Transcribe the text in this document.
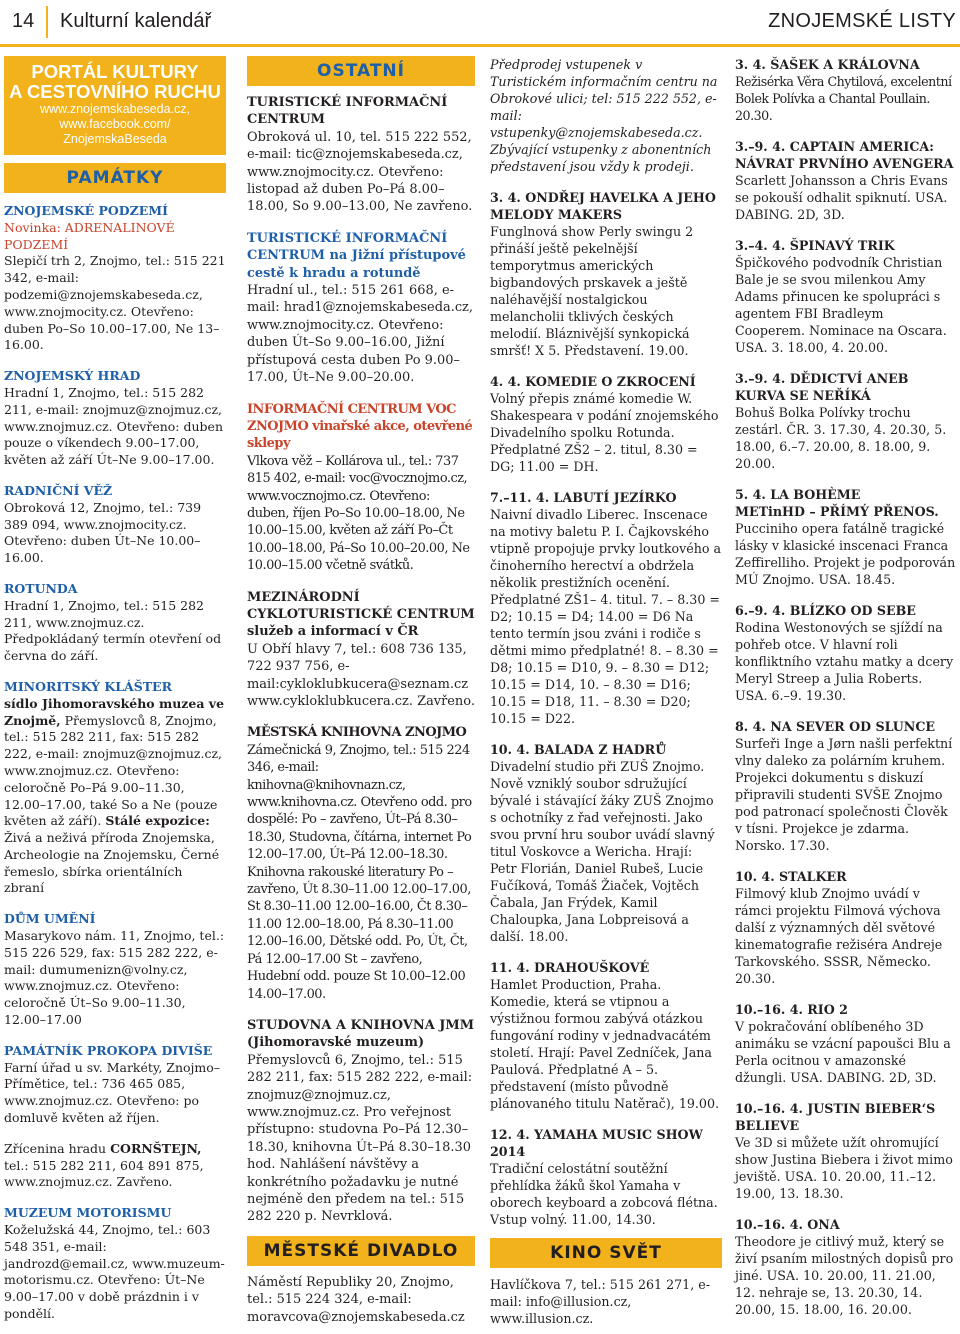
14 Kulturní kalendář	ZNOJEMSKÉ LISTY
PORTÁL KULTURY
A CESTOVNÍHO RUCHU
www.znojemskabeseda.cz,
www.facebook.com/ ZnojemskaBeseda
PAMÁTKY
ZNOJEMSKÉ PODZEMÍ
Novinka: ADRENALINOVÉ PODZEMÍ
Slepičí trh 2, Znojmo, tel.: 515 221 342, e-mail: podzemi@znojemskabeseda.cz, www.znojmocity.cz. Otevřeno: duben Po–So 10.00–17.00, Ne 13–16.00.
ZNOJEMSKÝ HRAD
Hradní 1, Znojmo, tel.: 515 282 211, e-mail: znojmuz@znojmuz.cz, www.znojmuz.cz. Otevřeno: duben pouze o víkendech 9.00–17.00, květen až září Út–Ne 9.00–17.00.
RADNIČNÍ VĚŽ
Obroková 12, Znojmo, tel.: 739 389 094, www.znojmocity.cz. Otevřeno: duben Út–Ne 10.00–16.00.
ROTUNDA
Hradní 1, Znojmo, tel.: 515 282 211, www.znojmuz.cz. Předpokládaný termín otevření od června do září.
MINORITSKÝ KLÁŠTER
sídlo Jihomoravského muzea ve Znojmě, Přemyslovců 8, Znojmo, tel.: 515 282 211, fax: 515 282 222, e-mail: znojmuz@znojmuz.cz, www.znojmuz.cz. Otevřeno: celoročně Po–Pá 9.00–11.30, 12.00–17.00, také So a Ne (pouze květen až září). Stálé expozice: Živá a neživá příroda Znojemska, Archeologie na Znojemsku, Černé řemeslo, sbírka orientálních zbraní
DŮM UMĚNÍ
Masarykovo nám. 11, Znojmo, tel.: 515 226 529, fax: 515 282 222, e-mail: dumumenizn@volny.cz, www.znojmuz.cz. Otevřeno: celoročně Út–So 9.00–11.30, 12.00–17.00
PAMÁTNÍK PROKOPA DIVIŠE
Farní úřad u sv. Markéty, Znojmo–Přímětice, tel.: 736 465 085, www.znojmuz.cz. Otevřeno: po domluvě květen až říjen.
Zřícenina hradu CORNŠTEJN, tel.: 515 282 211, 604 891 875, www.znojmuz.cz. Zavřeno.
MUZEUM MOTORISMU
Koželužská 44, Znojmo, tel.: 603 548 351, e-mail: jandrozd@email.cz, www.muzeum-motorismu.cz. Otevřeno: Út–Ne 9.00–17.00 v době prázdnin i v pondělí.
OSTATNÍ
TURISTICKÉ INFORMAČNÍ CENTRUM
Obroková ul. 10, tel. 515 222 552, e-mail: tic@znojemskabeseda.cz, www.znojmocity.cz. Otevřeno: listopad až duben Po–Pá 8.00–18.00, So 9.00–13.00, Ne zavřeno.
TURISTICKÉ INFORMAČNÍ CENTRUM na Jižní přístupové cestě k hradu a rotundě
Hradní ul., tel.: 515 261 668, e-mail: hrad1@znojemskabeseda.cz, www.znojmocity.cz. Otevřeno: duben Út–So 9.00–16.00, Jižní přístupová cesta duben Po 9.00–17.00, Út–Ne 9.00–20.00.
INFORMAČNÍ CENTRUM VOC ZNOJMO vinařské akce, otevřené sklepy
Vlkova věž – Kollárova ul., tel.: 737 815 402, e-mail: voc@vocznojmo.cz, www.vocznojmo.cz. Otevřeno: duben, říjen Po–So 10.00–18.00, Ne 10.00–15.00, květen až září Po–Čt 10.00–18.00, Pá–So 10.00–20.00, Ne 10.00–15.00 včetně svátků.
MEZINÁRODNÍ CYKLOTURISTICKÉ CENTRUM služeb a informací v ČR
U Obří hlavy 7, tel.: 608 736 135, 722 937 756, e-mail:cykloklubkucera@seznam.cz www.cykloklubkucera.cz. Zavřeno.
MĚSTSKÁ KNIHOVNA ZNOJMO
Zámečnická 9, Znojmo, tel.: 515 224 346, e-mail: knihovna@knihovnazn.cz, www.knihovna.cz. Otevřeno odd. pro dospělé: Po – zavřeno, Út–Pá 8.30–18.30, Studovna, čítárna, internet Po 12.00–17.00, Út–Pá 12.00–18.30. Knihovna rakouské literatury Po – zavřeno, Út 8.30–11.00 12.00–17.00, St 8.30–11.00 12.00–16.00, Čt 8.30–11.00 12.00–18.00, Pá 8.30–11.00 12.00–16.00, Dětské odd. Po, Út, Čt, Pá 12.00–17.00 St – zavřeno, Hudební odd. pouze St 10.00–12.00 14.00–17.00.
STUDOVNA A KNIHOVNA JMM (Jihomoravské muzeum)
Přemyslovců 6, Znojmo, tel.: 515 282 211, fax: 515 282 222, e-mail: znojmuz@znojmuz.cz, www.znojmuz.cz. Pro veřejnost přístupno: studovna Po–Pá 12.30–18.30, knihovna Út–Pá 8.30–18.30 hod. Nahlášení návštěvy a konkrétního požadavku je nutné nejméně den předem na tel.: 515 282 220 p. Nevrklová.
MĚSTSKÉ DIVADLO
Náměstí Republiky 20, Znojmo, tel.: 515 224 324, e-mail: moravcova@znojemskabeseda.cz
Předprodej vstupenek v Turistickém informačním centru na Obrokové ulici; tel: 515 222 552, e-mail: vstupenky@znojemskabeseda.cz. Zbývající vstupenky z abonentních představení jsou vždy k prodeji.
3. 4. ONDŘEJ HAVELKA A JEHO MELODY MAKERS
Funglnová show Perly swingu 2 přináší ještě pekelnější temporytmus amerických bigbandových prskavek a ještě naléhavější nostalgickou melancholii tklivých českých melodií. Bláznivější synkopická smršť! X 5. Představení. 19.00.
4. 4. KOMEDIE O ZKROCENÍ
Volný přepis známé komedie W. Shakespeara v podání znojemského Divadelního spolku Rotunda. Předplatné ZŠ2 – 2. titul, 8.30 = DG; 11.00 = DH.
7.–11. 4. LABUTÍ JEZÍRKO
Naivní divadlo Liberec. Inscenace na motivy baletu P. I. Čajkovského vtipně propojuje prvky loutkového a činoherního herectví a obdržela několik prestižních ocenění. Předplatné ZŠ1– 4. titul. 7. – 8.30 = D2; 10.15 = D4; 14.00 = D6 Na tento termín jsou zváni i rodiče s dětmi mimo předplatné! 8. – 8.30 = D8; 10.15 = D10, 9. – 8.30 = D12; 10.15 = D14, 10. – 8.30 = D16; 10.15 = D18, 11. – 8.30 = D20; 10.15 = D22.
10. 4. BALADA Z HADRŮ
Divadelní studio při ZUŠ Znojmo. Nově vzniklý soubor sdružující bývalé i stávající žáky ZUŠ Znojmo s ochotníky z řad veřejnosti. Jako svou první hru soubor uvádí slavný titul Voskovce a Wericha. Hrají: Petr Florián, Daniel Rubeš, Lucie Fučíková, Tomáš Žiaček, Vojtěch Čabala, Jan Frýdek, Kamil Chaloupka, Jana Lobpreisová a další. 18.00.
11. 4. DRAHOUŠKOVÉ
Hamlet Production, Praha. Komedie, která se vtipnou a výstižnou formou zabývá otázkou fungování rodiny v jednadvacátém století. Hrají: Pavel Zedníček, Jana Paulová. Předplatné A – 5. představení (místo původně plánovaného titulu Natěrač), 19.00.
12. 4. YAMAHA MUSIC SHOW 2014
Tradiční celostátní soutěžní přehlídka žáků škol Yamaha v oborech keyboard a zobcová flétna. Vstup volný. 11.00, 14.30.
KINO SVĚT
Havlíčkova 7, tel.: 515 261 271, e-mail: info@illusion.cz, www.illusion.cz.
3. 4. ŠAŠEK A KRÁLOVNA
Režisérka Věra Chytilová, excelentní Bolek Polívka a Chantal Poullain. 20.30.
3.–9. 4. CAPTAIN AMERICA: NÁVRAT PRVNÍHO AVENGERA
Scarlett Johansson a Chris Evans se pokouší odhalit spiknutí. USA. DABING. 2D, 3D.
3.–4. 4. ŠPINAVÝ TRIK
Špičkového podvodník Christian Bale je se svou milenkou Amy Adams přinucen ke spolupráci s agentem FBI Bradleym Cooperem. Nominace na Oscara. USA. 3. 18.00, 4. 20.00.
3.–9. 4. DĚDICTVÍ ANEB KURVA SE NEŘÍKÁ
Bohuš Bolka Polívky trochu zestárl. ČR. 3. 17.30, 4. 20.30, 5. 18.00, 6.–7. 20.00, 8. 18.00, 9. 20.00.
5. 4. LA BOHÈME
METinHD – PŘÍMÝ PŘENOS.
Pucciniho opera fatálně tragické lásky v klasické inscenaci Franca Zeffirelliho. Projekt je podporován MÚ Znojmo. USA. 18.45.
6.–9. 4. BLÍZKO OD SEBE
Rodina Westonových se sjíždí na pohřeb otce. V hlavní roli konfliktního vztahu matky a dcery Meryl Streep a Julia Roberts. USA. 6.–9. 19.30.
8. 4. NA SEVER OD SLUNCE
Surfeři Inge a Jørn našli perfektní vlny daleko za polárním kruhem. Projekci dokumentu s diskuzí připravili studenti SVŠE Znojmo pod patronací společnosti Člověk v tísni. Projekce je zdarma. Norsko. 17.30.
10. 4. STALKER
Filmový klub Znojmo uvádí v rámci projektu Filmová výchova další z významných děl světové kinematografie režiséra Andreje Tarkovského. SSSR, Německo. 20.30.
10.–16. 4. RIO 2
V pokračování oblíbeného 3D animáku se vzácní papoušci Blu a Perla ocitnou v amazonské džungli. USA. DABING. 2D, 3D.
10.–16. 4. JUSTIN BIEBER‘S BELIEVE
Ve 3D si můžete užít ohromující show Justina Biebera i život mimo jeviště. USA. 10. 20.00, 11.–12. 19.00, 13. 18.30.
10.–16. 4. ONA
Theodore je citlivý muž, který se živí psaním milostných dopisů pro jiné. USA. 10. 20.00, 11. 21.00, 12. nehraje se, 13. 20.30, 14. 20.00, 15. 18.00, 16. 20.00.
